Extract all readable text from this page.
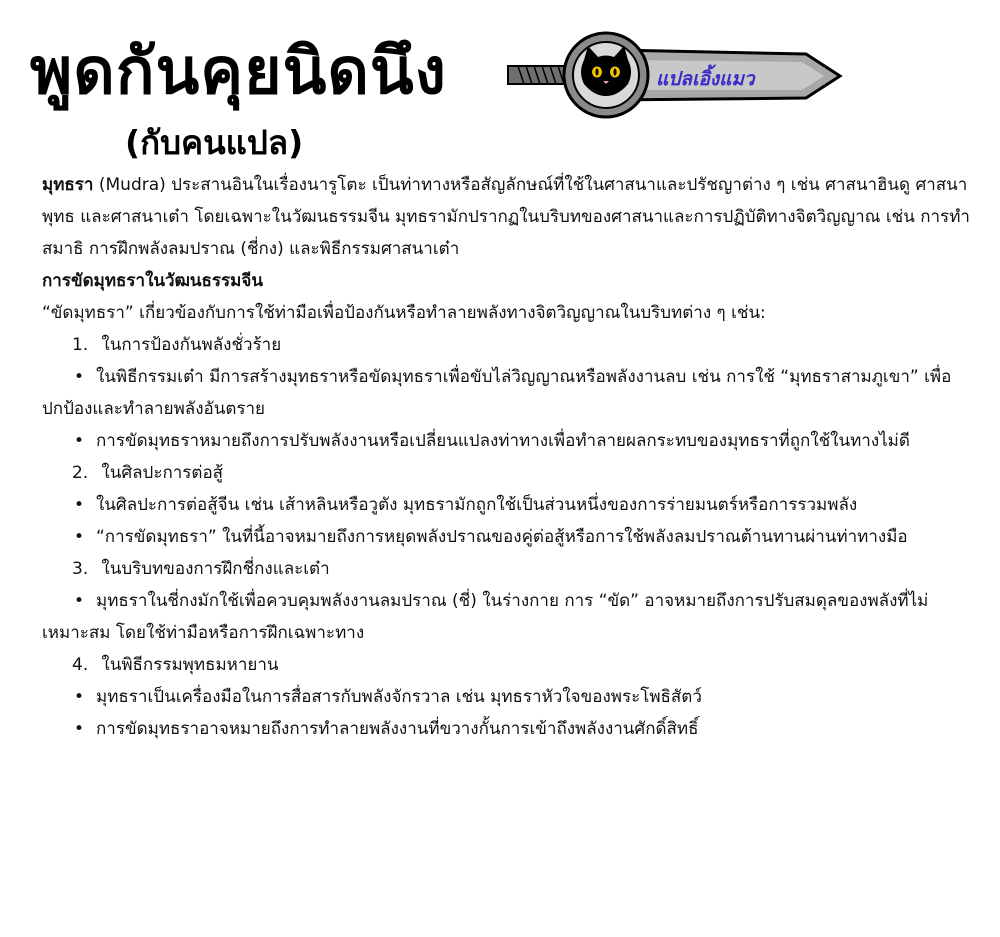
พูดกันคุยนิดนึง
(กับคนแปล)
แปลเอิ้งแมว

มุทธรา (Mudra) ประสานอินในเรื่องนารูโตะ เป็นท่าทางหรือสัญลักษณ์ที่ใช้ในศาสนาและปรัชญาต่าง ๆ เช่น ศาสนาฮินดู ศาสนาพุทธ และศาสนาเต๋า โดยเฉพาะในวัฒนธรรมจีน มุทธรามักปรากฏในบริบทของศาสนาและการปฏิบัติทางจิตวิญญาณ เช่น การทำสมาธิ การฝึกพลังลมปราณ (ชี่กง) และพิธีกรรมศาสนาเต๋า

การขัดมุทธราในวัฒนธรรมจีน

“ขัดมุทธรา” เกี่ยวข้องกับการใช้ท่ามือเพื่อป้องกันหรือทำลายพลังทางจิตวิญญาณในบริบทต่าง ๆ เช่น:

1. ในการป้องกันพลังชั่วร้าย

• ในพิธีกรรมเต๋า มีการสร้างมุทธราหรือขัดมุทธราเพื่อขับไล่วิญญาณหรือพลังงานลบ เช่น การใช้ “มุทธราสามภูเขา” เพื่อปกป้องและทำลายพลังอันตราย

• การขัดมุทธราหมายถึงการปรับพลังงานหรือเปลี่ยนแปลงท่าทางเพื่อทำลายผลกระทบของมุทธราที่ถูกใช้ในทางไม่ดี

2. ในศิลปะการต่อสู้

• ในศิลปะการต่อสู้จีน เช่น เส้าหลินหรือวูตัง มุทธรามักถูกใช้เป็นส่วนหนึ่งของการร่ายมนตร์หรือการรวมพลัง

• “การขัดมุทธรา” ในที่นี้อาจหมายถึงการหยุดพลังปราณของคู่ต่อสู้หรือการใช้พลังลมปราณต้านทานผ่านท่าทางมือ

3. ในบริบทของการฝึกชี่กงและเต๋า

• มุทธราในชี่กงมักใช้เพื่อควบคุมพลังงานลมปราณ (ชี่) ในร่างกาย การ “ขัด” อาจหมายถึงการปรับสมดุลของพลังที่ไม่เหมาะสม โดยใช้ท่ามือหรือการฝึกเฉพาะทาง

4. ในพิธีกรรมพุทธมหายาน

• มุทธราเป็นเครื่องมือในการสื่อสารกับพลังจักรวาล เช่น มุทธราหัวใจของพระโพธิสัตว์

• การขัดมุทธราอาจหมายถึงการทำลายพลังงานที่ขวางกั้นการเข้าถึงพลังงานศักดิ์สิทธิ์
